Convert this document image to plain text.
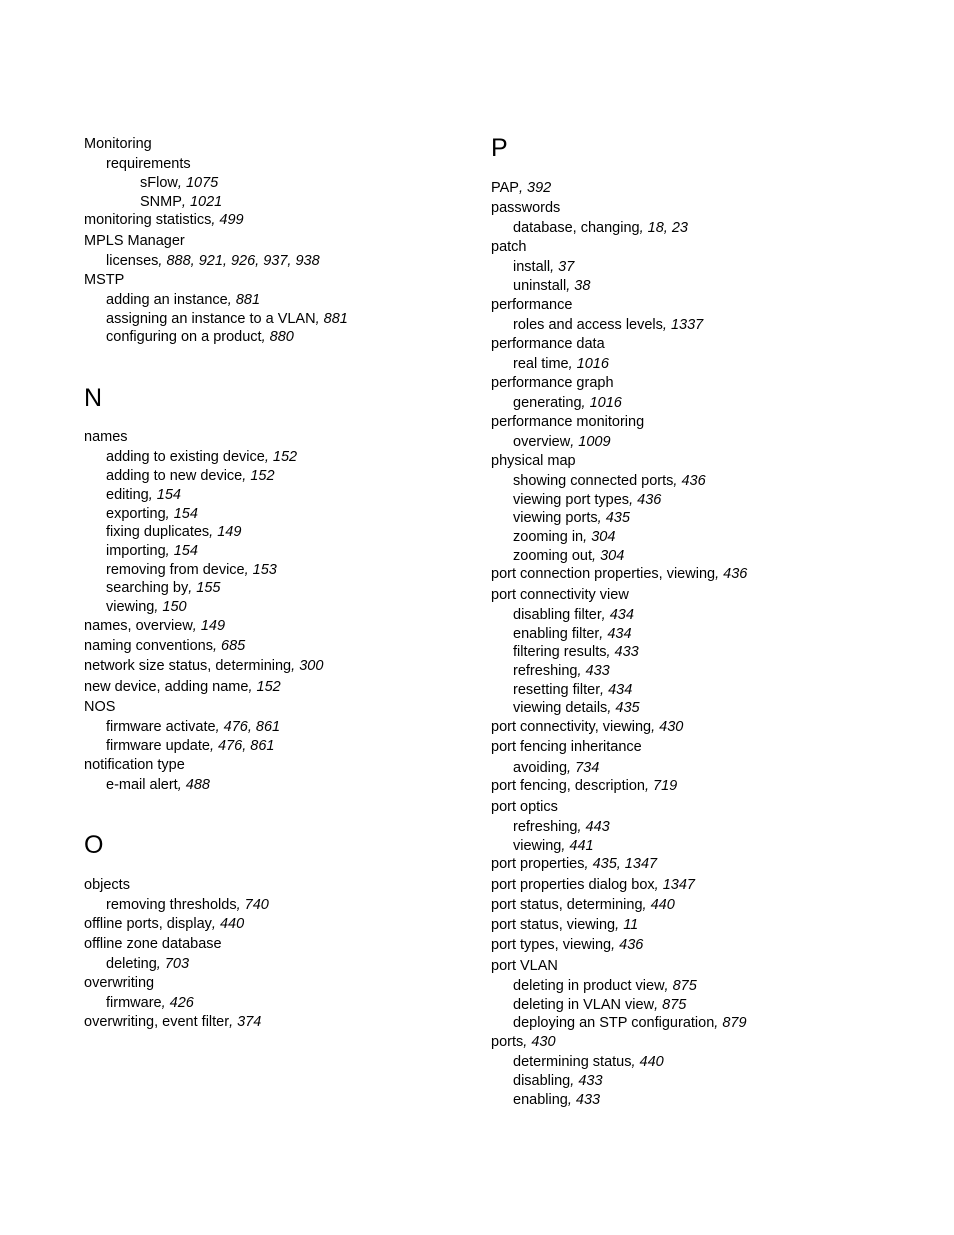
Monitoring
requirements
sFlow, 1075
SNMP, 1021
monitoring statistics, 499
MPLS Manager
licenses, 888, 921, 926, 937, 938
MSTP
adding an instance, 881
assigning an instance to a VLAN, 881
configuring on a product, 880
N
names
adding to existing device, 152
adding to new device, 152
editing, 154
exporting, 154
fixing duplicates, 149
importing, 154
removing from device, 153
searching by, 155
viewing, 150
names, overview, 149
naming conventions, 685
network size status, determining, 300
new device, adding name, 152
NOS
firmware activate, 476, 861
firmware update, 476, 861
notification type
e-mail alert, 488
O
objects
removing thresholds, 740
offline ports, display, 440
offline zone database
deleting, 703
overwriting
firmware, 426
overwriting, event filter, 374
P
PAP, 392
passwords
database, changing, 18, 23
patch
install, 37
uninstall, 38
performance
roles and access levels, 1337
performance data
real time, 1016
performance graph
generating, 1016
performance monitoring
overview, 1009
physical map
showing connected ports, 436
viewing port types, 436
viewing ports, 435
zooming in, 304
zooming out, 304
port connection properties, viewing, 436
port connectivity view
disabling filter, 434
enabling filter, 434
filtering results, 433
refreshing, 433
resetting filter, 434
viewing details, 435
port connectivity, viewing, 430
port fencing inheritance
avoiding, 734
port fencing, description, 719
port optics
refreshing, 443
viewing, 441
port properties, 435, 1347
port properties dialog box, 1347
port status, determining, 440
port status, viewing, 11
port types, viewing, 436
port VLAN
deleting in product view, 875
deleting in VLAN view, 875
deploying an STP configuration, 879
ports, 430
determining status, 440
disabling, 433
enabling, 433
